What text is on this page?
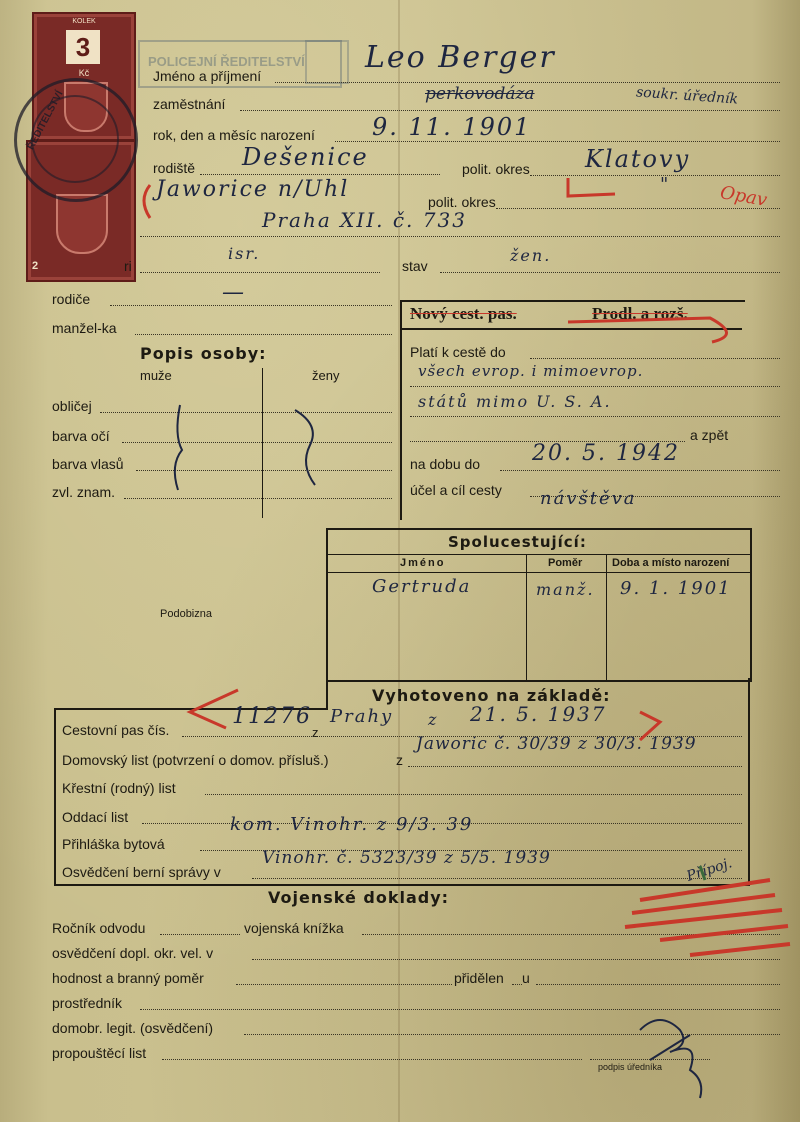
KOLEK
3
Kč
2
ŘEDITELSTVÍ
POLICEJNÍ ŘEDITELSTVÍ
Jméno a příjmení
Leo Berger
zaměstnání	perkovodáza	soukr. úředník
rok, den a měsíc narození 9. 11. 1901
rodiště Dešenice	polit. okres Klatovy
Jaworice n/Uhl	polit. okres
"	Opav
Praha XII. č. 733
ri
isr.
stav
žen.
rodiče	—
manžel-ka
Popis osoby:
muže	ženy
obličej
barva očí
barva vlasů
zvl. znam.
Nový cest. pas.	Prodl. a rozš.
Platí k cestě do
všech evrop. i mimoevrop.
států mimo U. S. A.
a zpět
na dobu do 20. 5. 1942
účel a cíl cesty návštěva
Podobizna
Spolucestující:
Jméno	Poměr	Doba a místo narození
Gertruda	manž. 9. 1. 1901
Vyhotoveno na základě:
Cestovní pas čís.
11276
z
Prahy z 21. 5. 1937
Domovský list (potvrzení o domov. přísluš.)	z
Jaworic č. 30/39 z 30/3. 1939
Křestní (rodný) list
Oddací list
Přihláška bytová
kom. Vinohr. z 9/3. 39
Osvědčení berní správy v
Vinohr. č. 5323/39 z 5/5. 1939	Přípoj.
Vojenské doklady:
Ročník odvodu	vojenská knížka
osvědčení dopl. okr. vel. v
hodnost a branný poměr	přidělen u
prostředník
domobr. legit. (osvědčení)
propouštěcí list
podpis úředníka
